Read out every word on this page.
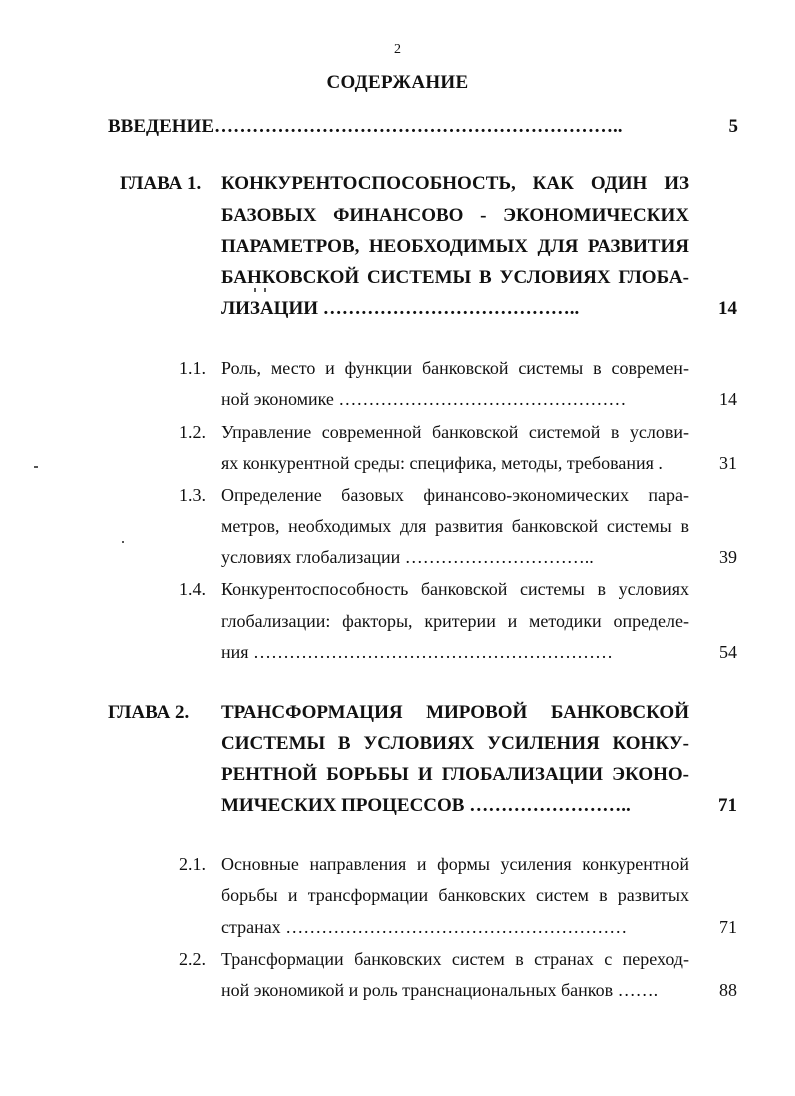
2
СОДЕРЖАНИЕ
ВВЕДЕНИЕ………………………………………………………..	5
ГЛАВА 1. КОНКУРЕНТОСПОСОБНОСТЬ, КАК ОДИН ИЗ
БАЗОВЫХ ФИНАНСОВО - ЭКОНОМИЧЕСКИХ
ПАРАМЕТРОВ, НЕОБХОДИМЫХ ДЛЯ РАЗВИТИЯ
БАНКОВСКОЙ СИСТЕМЫ В УСЛОВИЯХ ГЛОБА-
ЛИЗАЦИИ …………………………………..	14
1.1. Роль, место и функции банковской системы в современ-
ной экономике …………………………………………	14
1.2. Управление современной банковской системой в услови-
ях конкурентной среды: специфика, методы, требования .	31
1.3. Определение базовых финансово-экономических пара-
метров, необходимых для развития банковской системы в
условиях глобализации …………………………..	39
1.4. Конкурентоспособность банковской системы в условиях
глобализации: факторы, критерии и методики определе-
ния ……………………………………………………	54
ГЛАВА 2. ТРАНСФОРМАЦИЯ МИРОВОЙ БАНКОВСКОЙ
СИСТЕМЫ В УСЛОВИЯХ УСИЛЕНИЯ КОНКУ-
РЕНТНОЙ БОРЬБЫ И ГЛОБАЛИЗАЦИИ ЭКОНО-
МИЧЕСКИХ ПРОЦЕССОВ ……………………..	71
2.1. Основные направления и формы усиления конкурентной
борьбы и трансформации банковских систем в развитых
странах …………………………………………………	71
2.2. Трансформации банковских систем в странах с переход-
ной экономикой и роль транснациональных банков …….	88
